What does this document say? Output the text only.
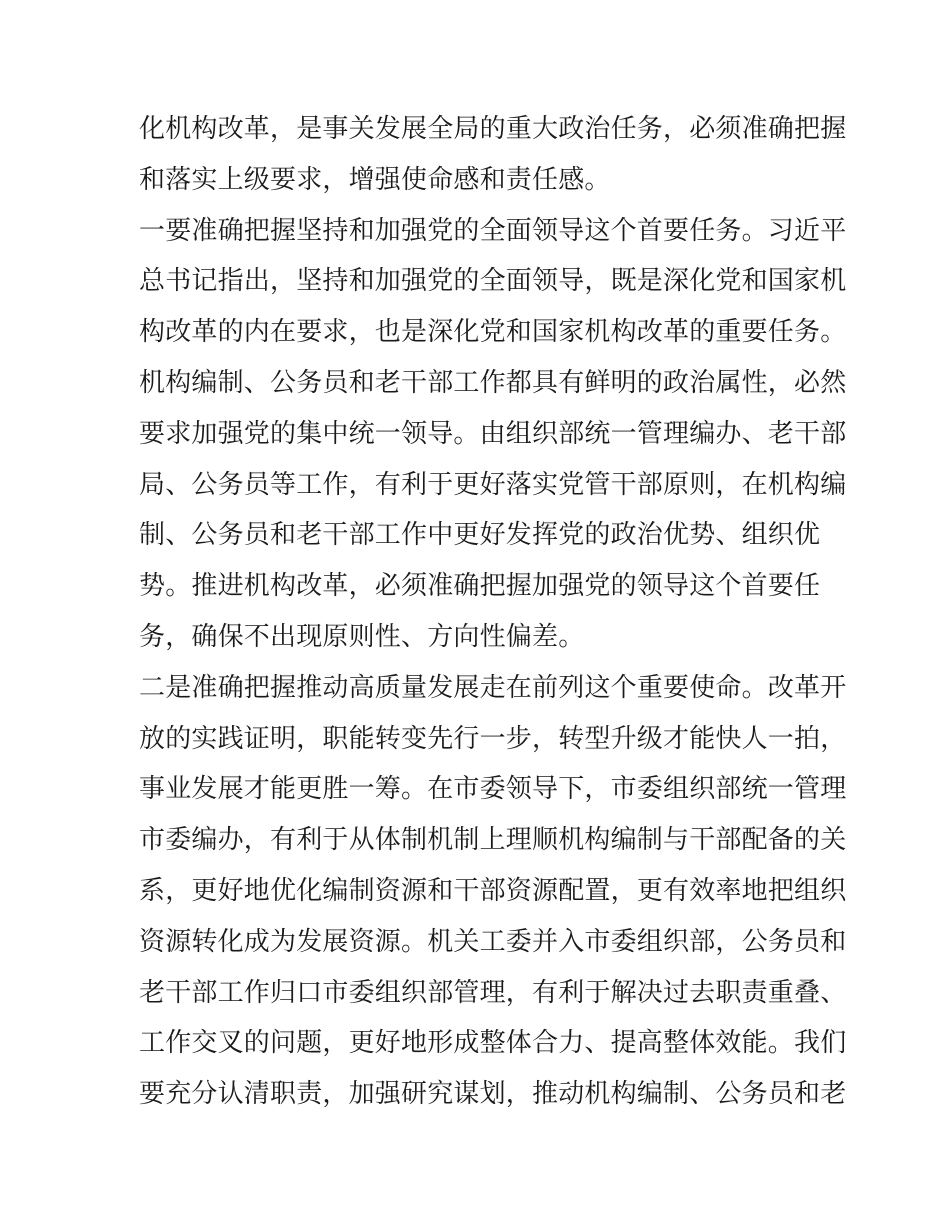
化机构改革，是事关发展全局的重大政治任务，必须准确把握
和落实上级要求，增强使命感和责任感。
一要准确把握坚持和加强党的全面领导这个首要任务。习近平
总书记指出，坚持和加强党的全面领导，既是深化党和国家机
构改革的内在要求，也是深化党和国家机构改革的重要任务。
机构编制、公务员和老干部工作都具有鲜明的政治属性，必然
要求加强党的集中统一领导。由组织部统一管理编办、老干部
局、公务员等工作，有利于更好落实党管干部原则，在机构编
制、公务员和老干部工作中更好发挥党的政治优势、组织优
势。推进机构改革，必须准确把握加强党的领导这个首要任
务，确保不出现原则性、方向性偏差。
二是准确把握推动高质量发展走在前列这个重要使命。改革开
放的实践证明，职能转变先行一步，转型升级才能快人一拍，
事业发展才能更胜一筹。在市委领导下，市委组织部统一管理
市委编办，有利于从体制机制上理顺机构编制与干部配备的关
系，更好地优化编制资源和干部资源配置，更有效率地把组织
资源转化成为发展资源。机关工委并入市委组织部，公务员和
老干部工作归口市委组织部管理，有利于解决过去职责重叠、
工作交叉的问题，更好地形成整体合力、提高整体效能。我们
要充分认清职责，加强研究谋划，推动机构编制、公务员和老
